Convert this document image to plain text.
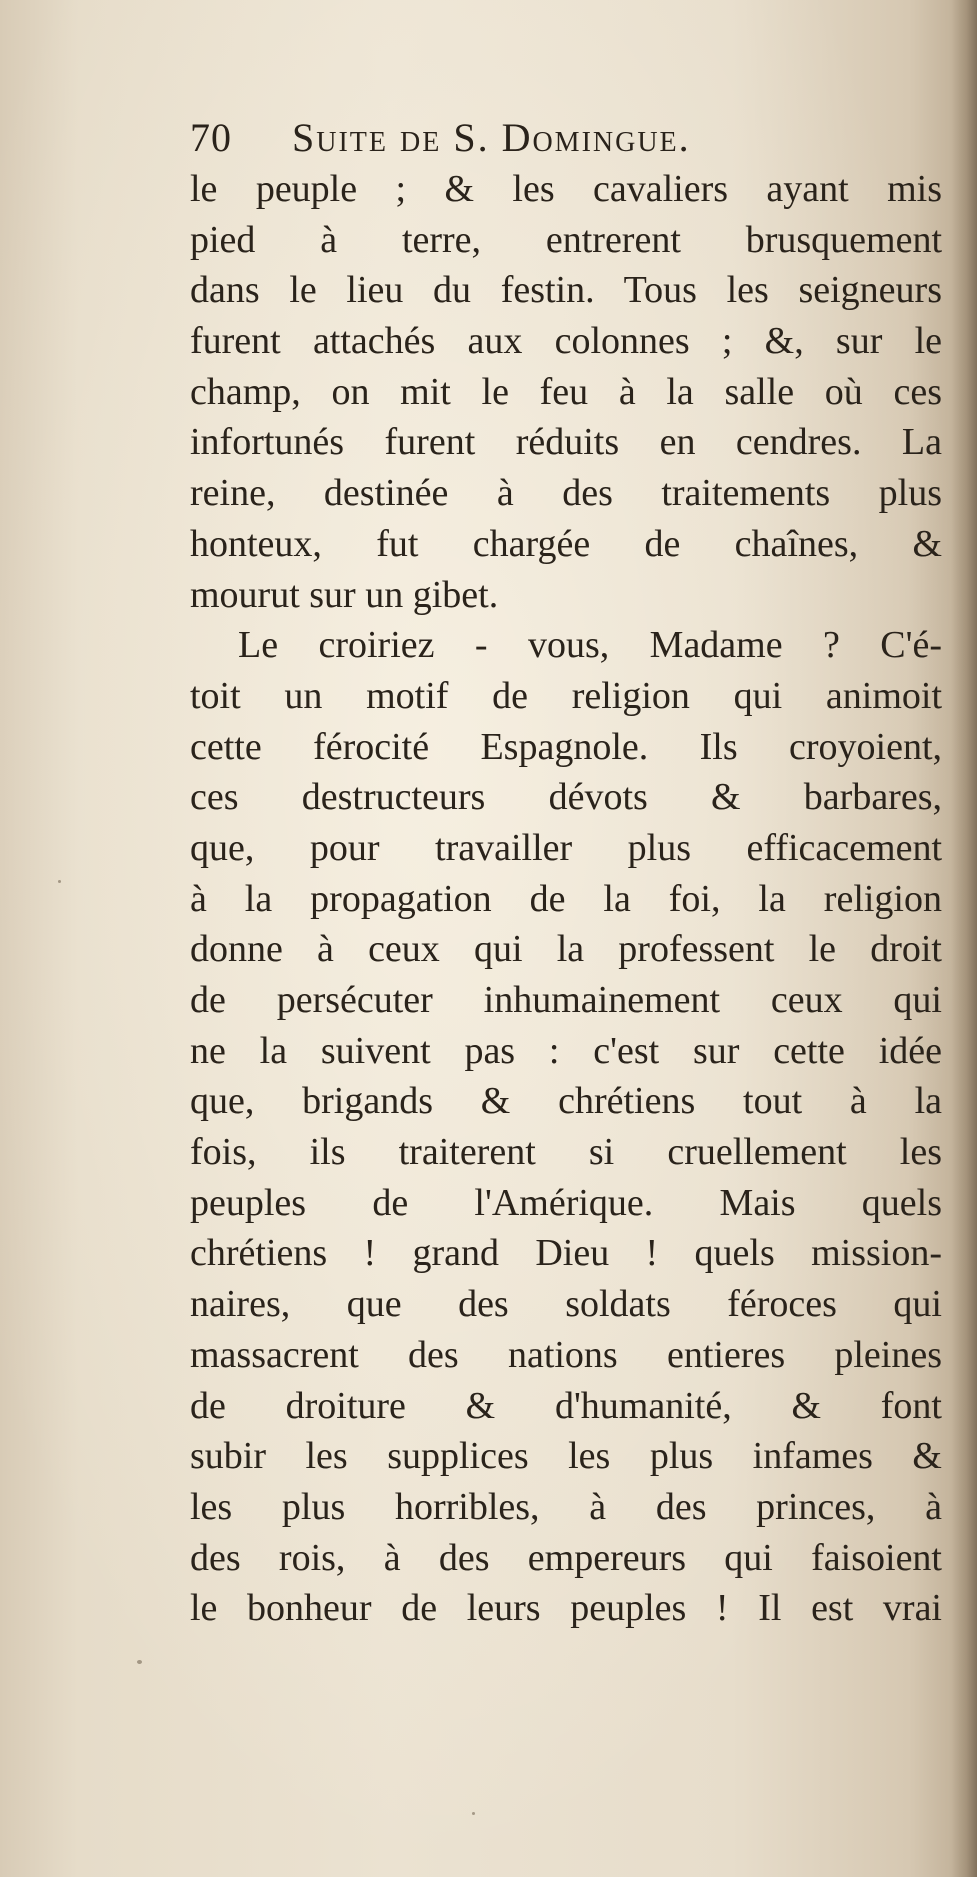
70	Suite de S. Domingue.
le peuple ; & les cavaliers ayant mis
pied à terre, entrerent brusquement
dans le lieu du festin. Tous les seigneurs
furent attachés aux colonnes ; &, sur le
champ, on mit le feu à la salle où ces
infortunés furent réduits en cendres. La
reine, destinée à des traitements plus
honteux, fut chargée de chaînes, &
mourut sur un gibet.
Le croiriez - vous, Madame ? C'é-
toit un motif de religion qui animoit
cette férocité Espagnole. Ils croyoient,
ces destructeurs dévots & barbares,
que, pour travailler plus efficacement
à la propagation de la foi, la religion
donne à ceux qui la professent le droit
de persécuter inhumainement ceux qui
ne la suivent pas : c'est sur cette idée
que, brigands & chrétiens tout à la
fois, ils traiterent si cruellement les
peuples de l'Amérique. Mais quels
chrétiens ! grand Dieu ! quels mission-
naires, que des soldats féroces qui
massacrent des nations entieres pleines
de droiture & d'humanité, & font
subir les supplices les plus infames &
les plus horribles, à des princes, à
des rois, à des empereurs qui faisoient
le bonheur de leurs peuples ! Il est vrai
